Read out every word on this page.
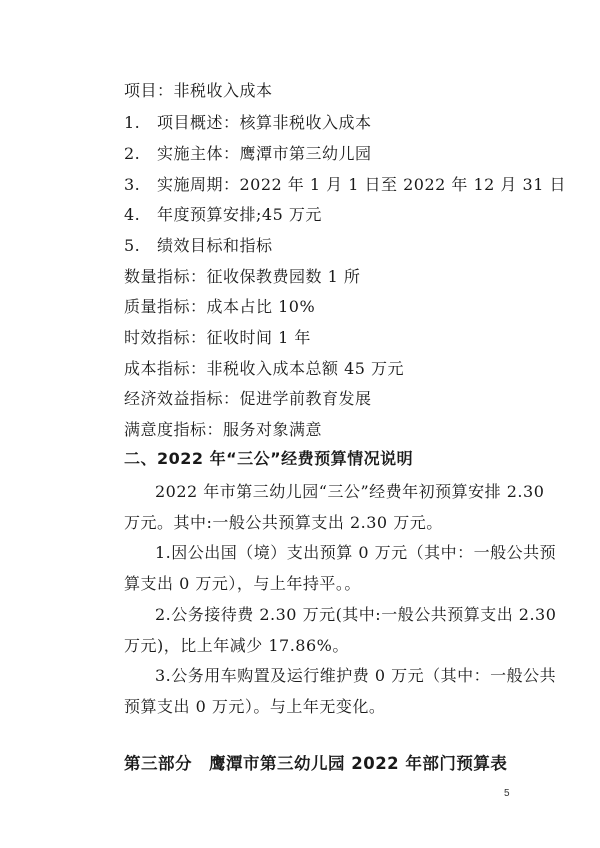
项目：非税收入成本
1. 项目概述：核算非税收入成本
2. 实施主体：鹰潭市第三幼儿园
3. 实施周期：2022 年 1 月 1 日至 2022 年 12 月 31 日
4. 年度预算安排;45 万元
5. 绩效目标和指标
数量指标：征收保教费园数 1 所
质量指标：成本占比 10%
时效指标：征收时间 1 年
成本指标：非税收入成本总额 45 万元
经济效益指标：促进学前教育发展
满意度指标：服务对象满意
二、2022 年“三公”经费预算情况说明
2022 年市第三幼儿园“三公”经费年初预算安排 2.30
万元。其中:一般公共预算支出 2.30 万元。
1.因公出国（境）支出预算 0 万元（其中：一般公共预
算支出 0 万元），与上年持平。。
2.公务接待费 2.30 万元(其中:一般公共预算支出 2.30
万元)，比上年减少 17.86%。
3.公务用车购置及运行维护费 0 万元（其中：一般公共
预算支出 0 万元）。与上年无变化。
第三部分　鹰潭市第三幼儿园 2022 年部门预算表
5
